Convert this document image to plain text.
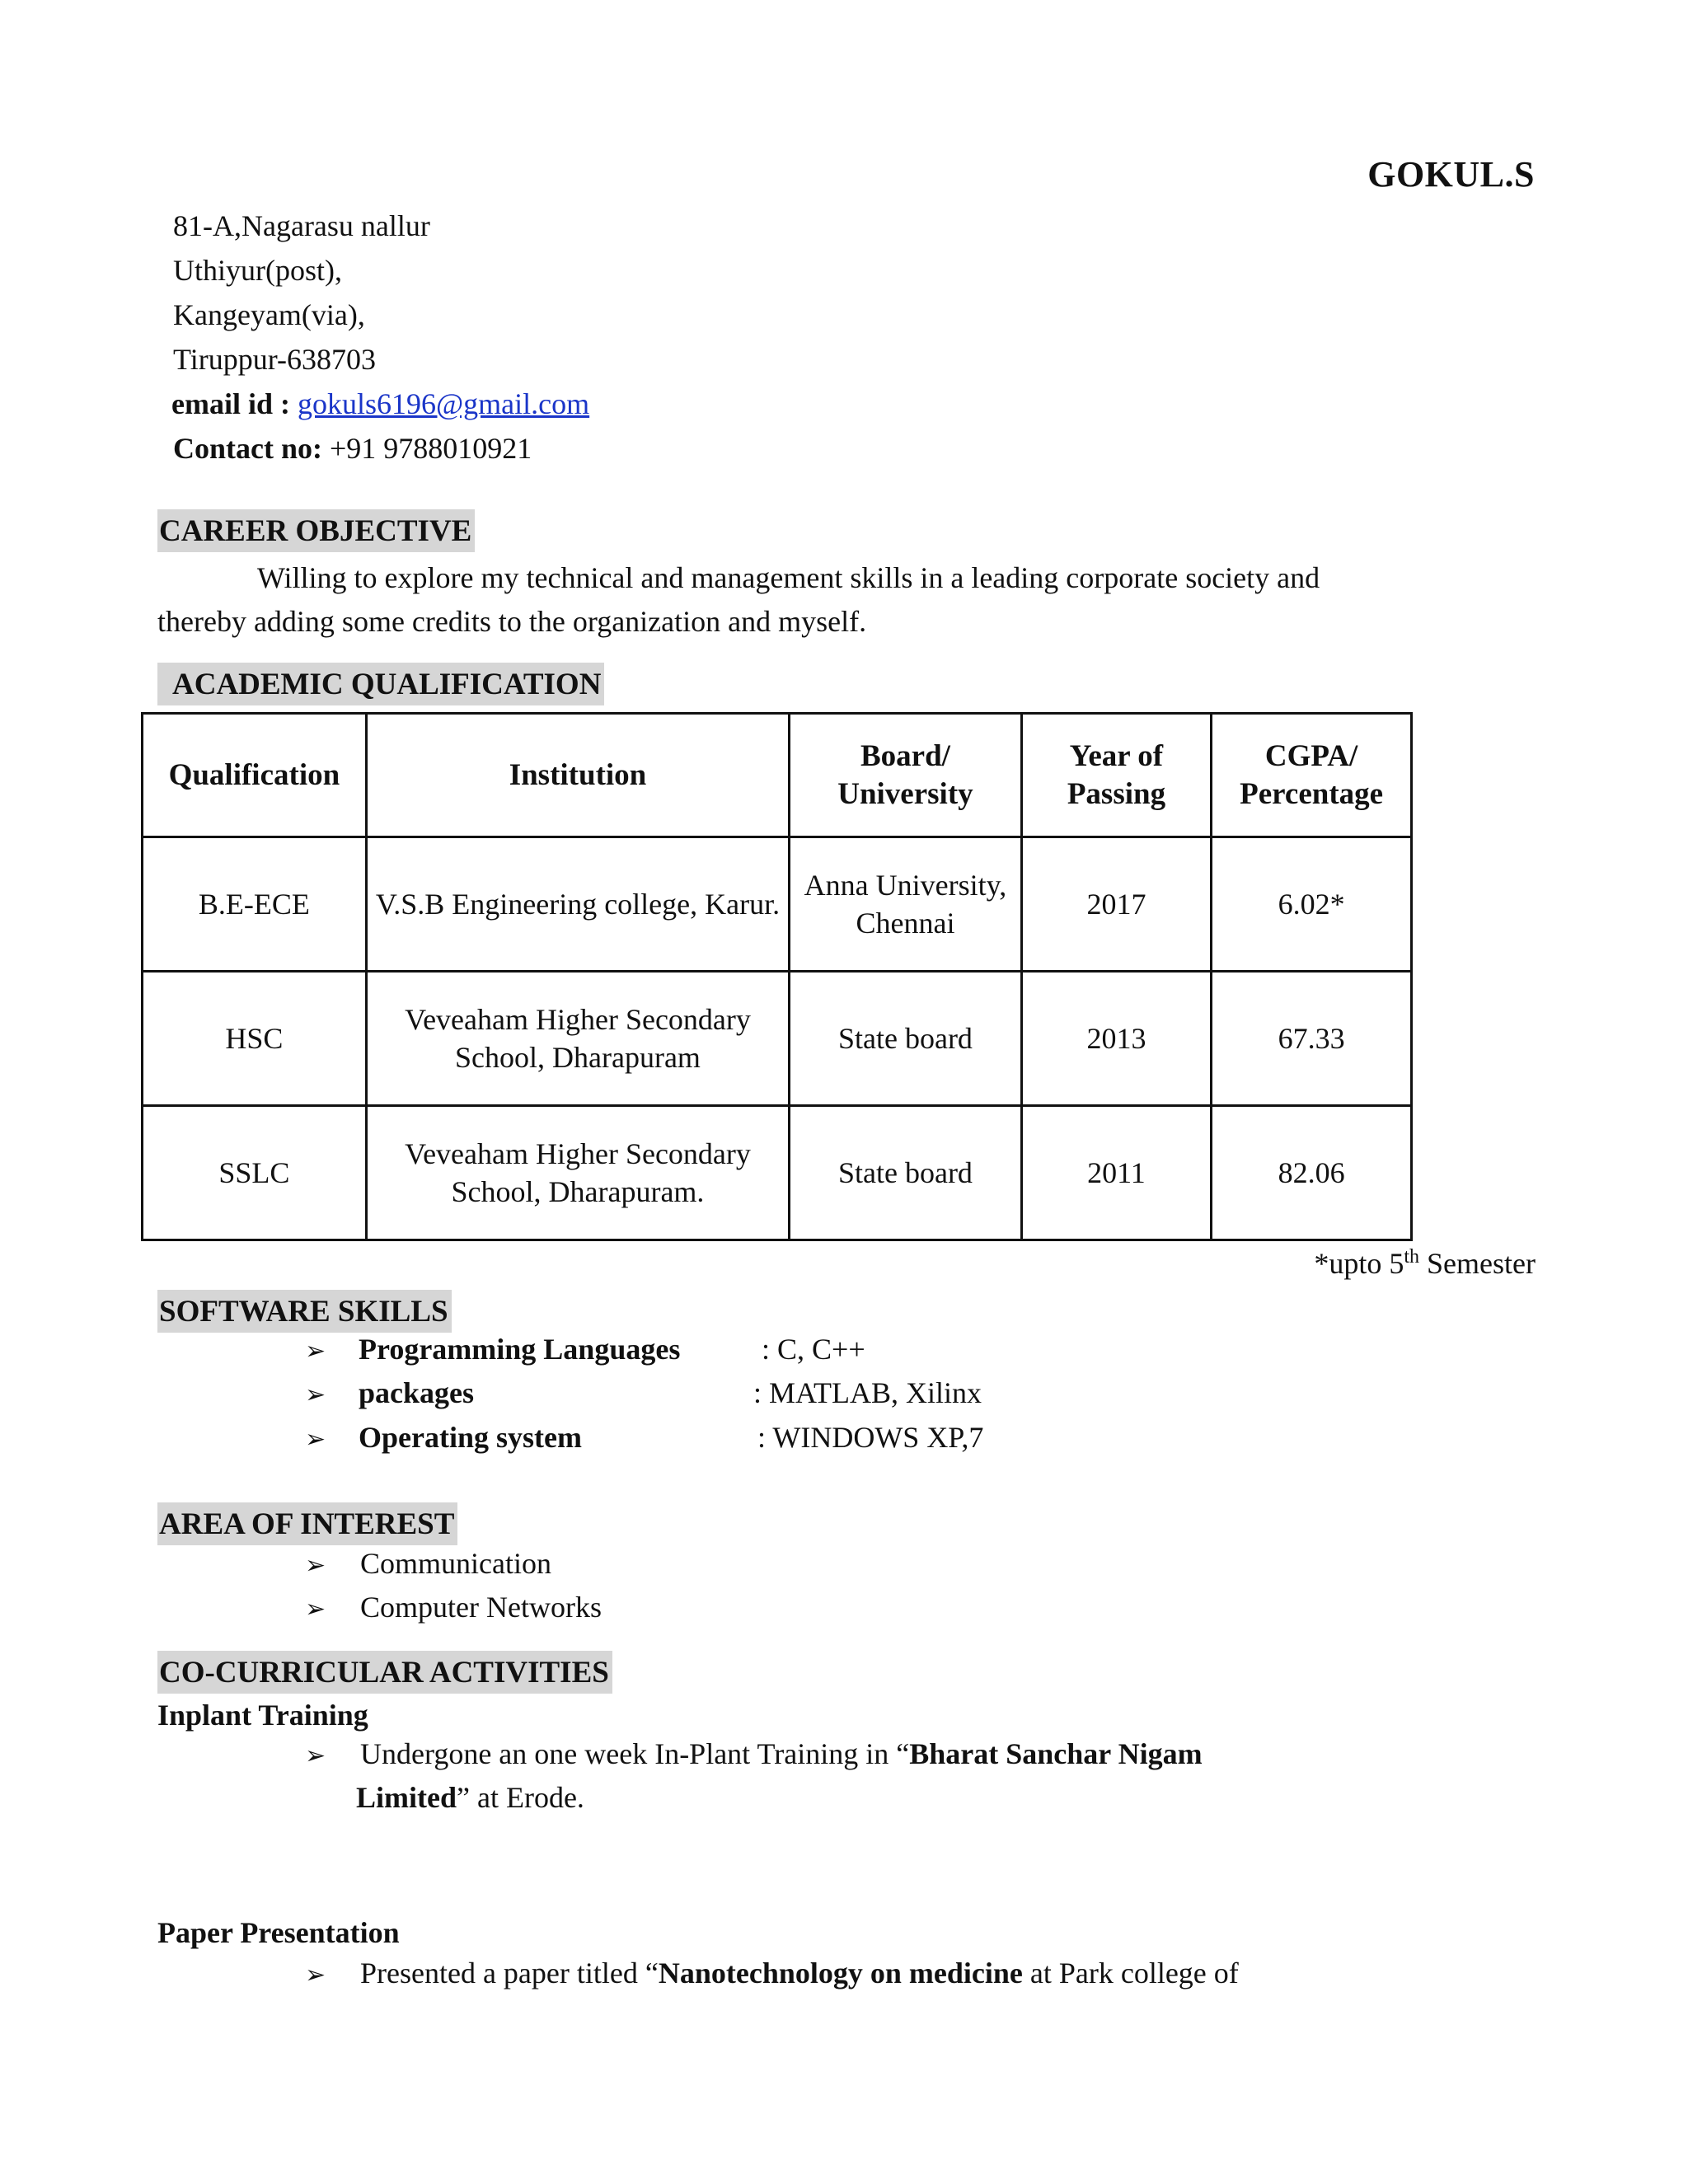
GOKUL.S
81-A,Nagarasu nallur
Uthiyur(post),
Kangeyam(via),
Tiruppur-638703
email id : gokuls6196@gmail.com
Contact no: +91 9788010921
CAREER OBJECTIVE
Willing to explore my technical and management skills in a leading corporate society and
thereby adding some credits to the organization and myself.
ACADEMIC QUALIFICATION
Qualification	Institution	Board/ University	Year of Passing	CGPA/ Percentage
B.E-ECE	V.S.B Engineering college, Karur.	Anna University, Chennai	2017	6.02*
HSC	Veveaham Higher Secondary School, Dharapuram	State board	2013	67.33
SSLC	Veveaham Higher Secondary School, Dharapuram.	State board	2011	82.06
*upto 5th Semester
SOFTWARE SKILLS
➢ Programming Languages	: C, C++
➢ packages	: MATLAB, Xilinx
➢ Operating system	: WINDOWS XP,7
AREA OF INTEREST
➢ Communication
➢ Computer Networks
CO-CURRICULAR ACTIVITIES
Inplant Training
➢ Undergone an one week In-Plant Training in “Bharat Sanchar Nigam
Limited” at Erode.
Paper Presentation
➢ Presented a paper titled “Nanotechnology on medicine at Park college of
